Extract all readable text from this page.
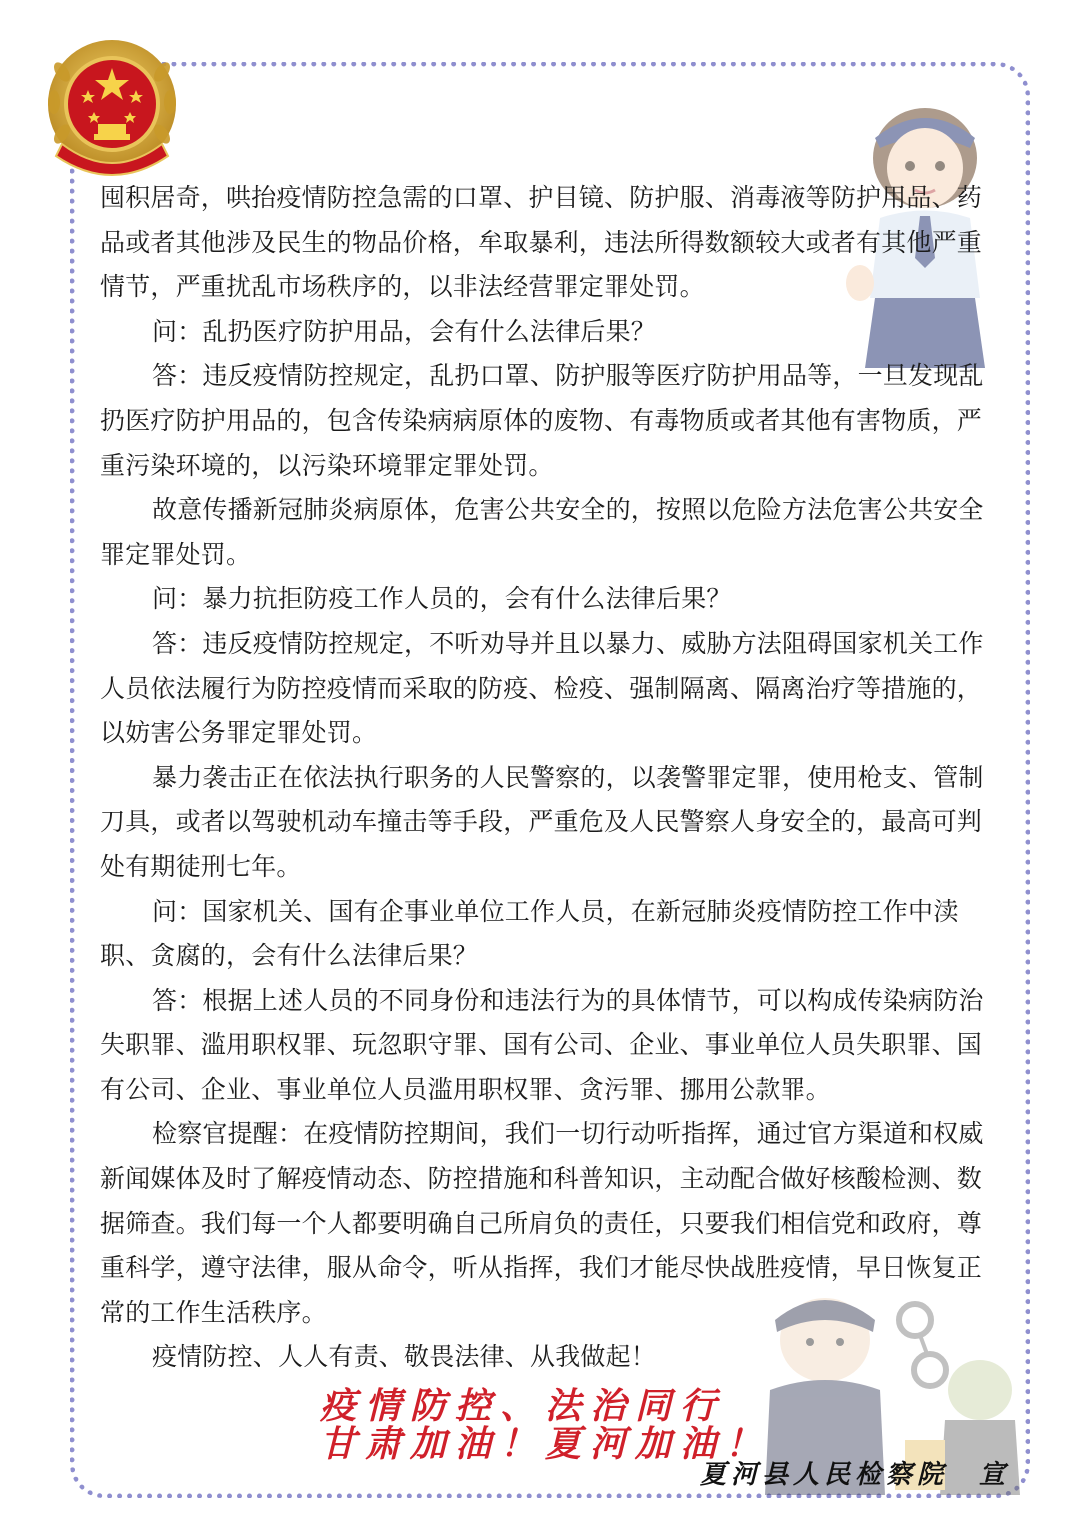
囤积居奇，哄抬疫情防控急需的口罩、护目镜、防护服、消毒液等防护用品、药品或者其他涉及民生的物品价格，牟取暴利，违法所得数额较大或者有其他严重情节，严重扰乱市场秩序的，以非法经营罪定罪处罚。

问：乱扔医疗防护用品，会有什么法律后果？

答：违反疫情防控规定，乱扔口罩、防护服等医疗防护用品等，一旦发现乱扔医疗防护用品的，包含传染病病原体的废物、有毒物质或者其他有害物质，严重污染环境的，以污染环境罪定罪处罚。

故意传播新冠肺炎病原体，危害公共安全的，按照以危险方法危害公共安全罪定罪处罚。

问：暴力抗拒防疫工作人员的，会有什么法律后果？

答：违反疫情防控规定，不听劝导并且以暴力、威胁方法阻碍国家机关工作人员依法履行为防控疫情而采取的防疫、检疫、强制隔离、隔离治疗等措施的，以妨害公务罪定罪处罚。

暴力袭击正在依法执行职务的人民警察的，以袭警罪定罪，使用枪支、管制刀具，或者以驾驶机动车撞击等手段，严重危及人民警察人身安全的，最高可判处有期徒刑七年。

问：国家机关、国有企事业单位工作人员，在新冠肺炎疫情防控工作中渎职、贪腐的，会有什么法律后果？

答：根据上述人员的不同身份和违法行为的具体情节，可以构成传染病防治失职罪、滥用职权罪、玩忽职守罪、国有公司、企业、事业单位人员失职罪、国有公司、企业、事业单位人员滥用职权罪、贪污罪、挪用公款罪。

检察官提醒：在疫情防控期间，我们一切行动听指挥，通过官方渠道和权威新闻媒体及时了解疫情动态、防控措施和科普知识，主动配合做好核酸检测、数据筛查。我们每一个人都要明确自己所肩负的责任，只要我们相信党和政府，尊重科学，遵守法律，服从命令，听从指挥，我们才能尽快战胜疫情，早日恢复正常的工作生活秩序。

疫情防控、人人有责、敬畏法律、从我做起！

疫情防控、法治同行
甘肃加油！夏河加油！
夏河县人民检察院　宣
